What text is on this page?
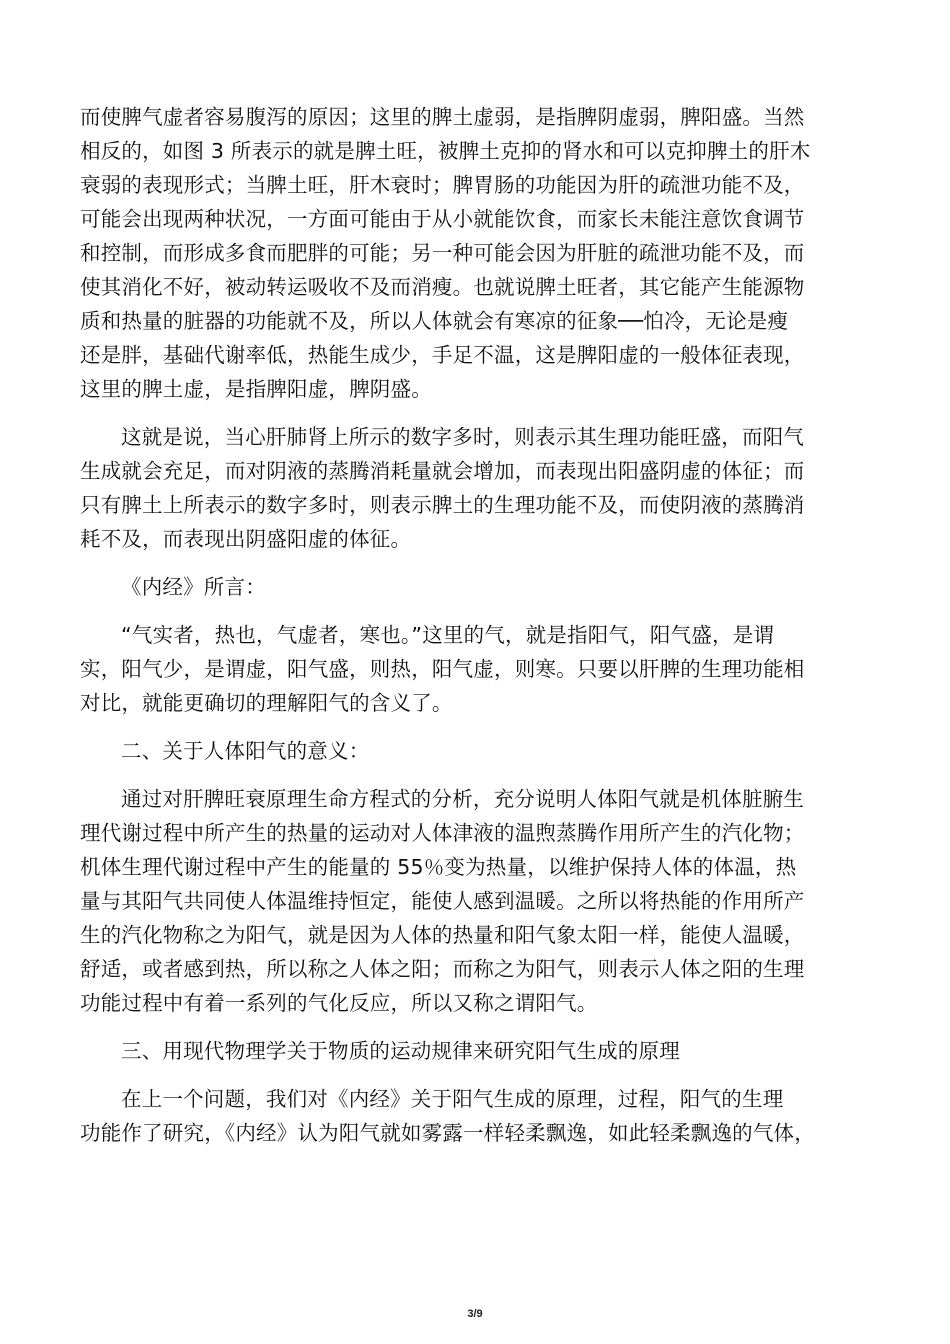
而使脾气虚者容易腹泻的原因；这里的脾土虚弱，是指脾阴虚弱，脾阳盛。当然
相反的，如图 3 所表示的就是脾土旺，被脾土克抑的肾水和可以克抑脾土的肝木
衰弱的表现形式；当脾土旺，肝木衰时；脾胃肠的功能因为肝的疏泄功能不及，
可能会出现两种状况，一方面可能由于从小就能饮食，而家长未能注意饮食调节
和控制，而形成多食而肥胖的可能；另一种可能会因为肝脏的疏泄功能不及，而
使其消化不好，被动转运吸收不及而消瘦。也就说脾土旺者，其它能产生能源物
质和热量的脏器的功能就不及，所以人体就会有寒凉的征象──怕冷，无论是瘦
还是胖，基础代谢率低，热能生成少，手足不温，这是脾阳虚的一般体征表现，
这里的脾土虚，是指脾阳虚，脾阴盛。
这就是说，当心肝肺肾上所示的数字多时，则表示其生理功能旺盛，而阳气
生成就会充足，而对阴液的蒸腾消耗量就会增加，而表现出阳盛阴虚的体征；而
只有脾土上所表示的数字多时，则表示脾土的生理功能不及，而使阴液的蒸腾消
耗不及，而表现出阴盛阳虚的体征。
《内经》所言：
“气实者，热也，气虚者，寒也。”这里的气，就是指阳气，阳气盛，是谓
实，阳气少，是谓虚，阳气盛，则热，阳气虚，则寒。只要以肝脾的生理功能相
对比，就能更确切的理解阳气的含义了。
二、关于人体阳气的意义：
通过对肝脾旺衰原理生命方程式的分析，充分说明人体阳气就是机体脏腑生
理代谢过程中所产生的热量的运动对人体津液的温煦蒸腾作用所产生的汽化物；
机体生理代谢过程中产生的能量的 55％变为热量，以维护保持人体的体温，热
量与其阳气共同使人体温维持恒定，能使人感到温暖。之所以将热能的作用所产
生的汽化物称之为阳气，就是因为人体的热量和阳气象太阳一样，能使人温暖，
舒适，或者感到热，所以称之人体之阳；而称之为阳气，则表示人体之阳的生理
功能过程中有着一系列的气化反应，所以又称之谓阳气。
三、用现代物理学关于物质的运动规律来研究阳气生成的原理
在上一个问题，我们对《内经》关于阳气生成的原理，过程，阳气的生理
功能作了研究，《内经》认为阳气就如雾露一样轻柔飘逸，如此轻柔飘逸的气体，
3/9
